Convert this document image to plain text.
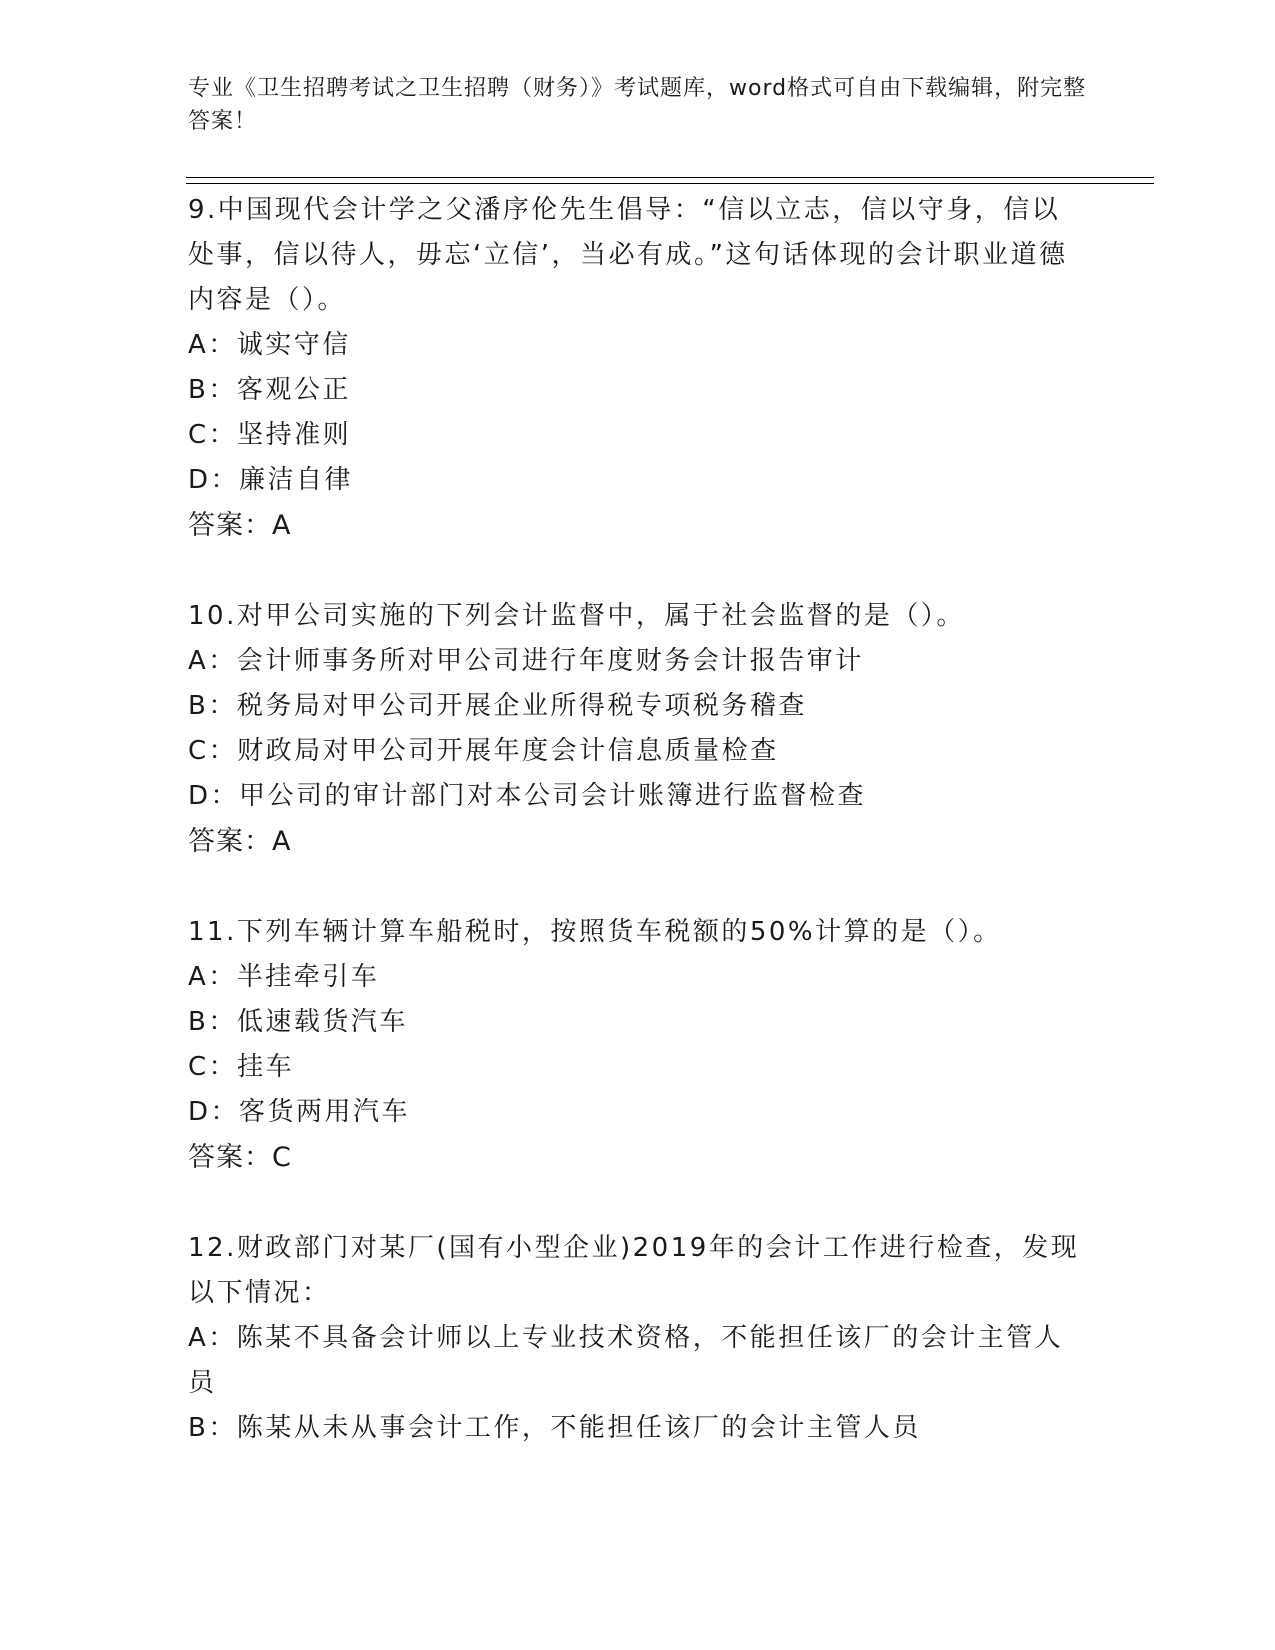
专业《卫生招聘考试之卫生招聘（财务）》考试题库，word格式可自由下载编辑，附完整答案！
9.中国现代会计学之父潘序伦先生倡导：“信以立志，信以守身，信以处事，信以待人，毋忘‘立信’，当必有成。”这句话体现的会计职业道德内容是（）。
A：诚实守信
B：客观公正
C：坚持准则
D：廉洁自律
答案：A
10.对甲公司实施的下列会计监督中，属于社会监督的是（）。
A：会计师事务所对甲公司进行年度财务会计报告审计
B：税务局对甲公司开展企业所得税专项税务稽查
C：财政局对甲公司开展年度会计信息质量检查
D：甲公司的审计部门对本公司会计账簿进行监督检查
答案：A
11.下列车辆计算车船税时，按照货车税额的50%计算的是（）。
A：半挂牵引车
B：低速载货汽车
C：挂车
D：客货两用汽车
答案：C
12.财政部门对某厂(国有小型企业)2019年的会计工作进行检查，发现以下情况：
A：陈某不具备会计师以上专业技术资格，不能担任该厂的会计主管人员
B：陈某从未从事会计工作，不能担任该厂的会计主管人员
